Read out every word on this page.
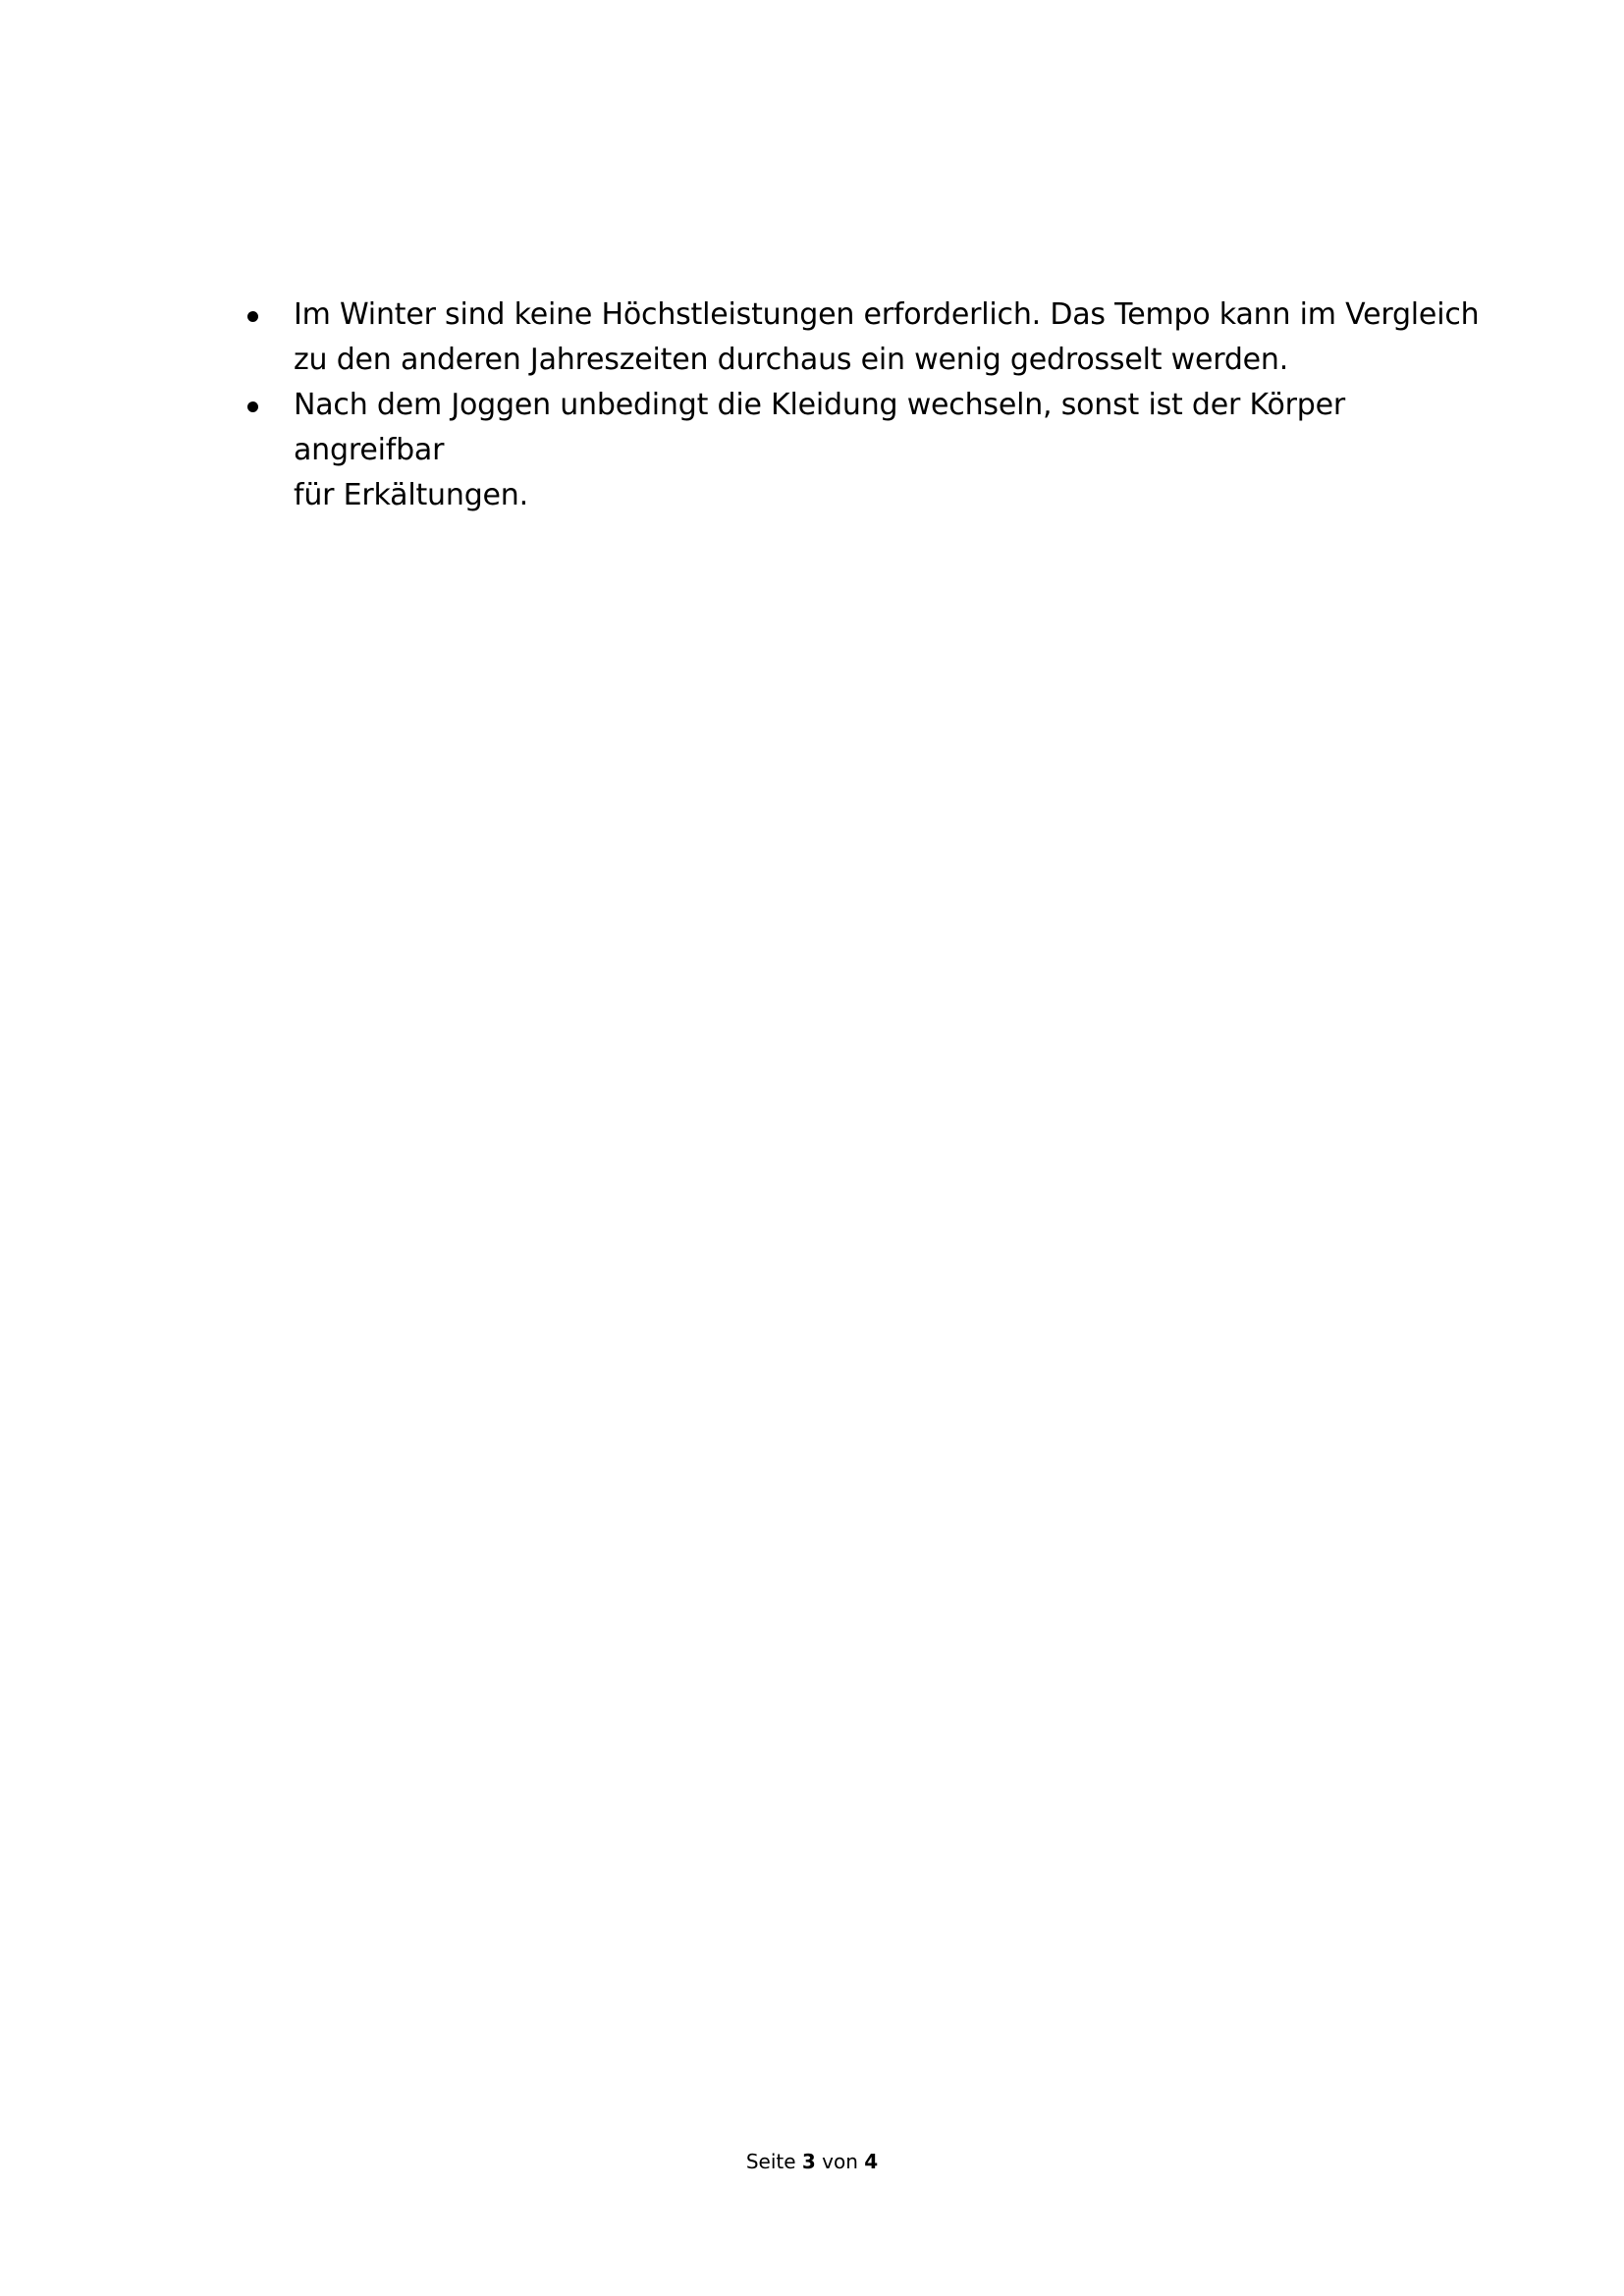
Im Winter sind keine Höchstleistungen erforderlich. Das Tempo kann im Vergleich
zu den anderen Jahreszeiten durchaus ein wenig gedrosselt werden.
Nach dem Joggen unbedingt die Kleidung wechseln, sonst ist der Körper angreifbar
für Erkältungen.
Seite 3 von 4
